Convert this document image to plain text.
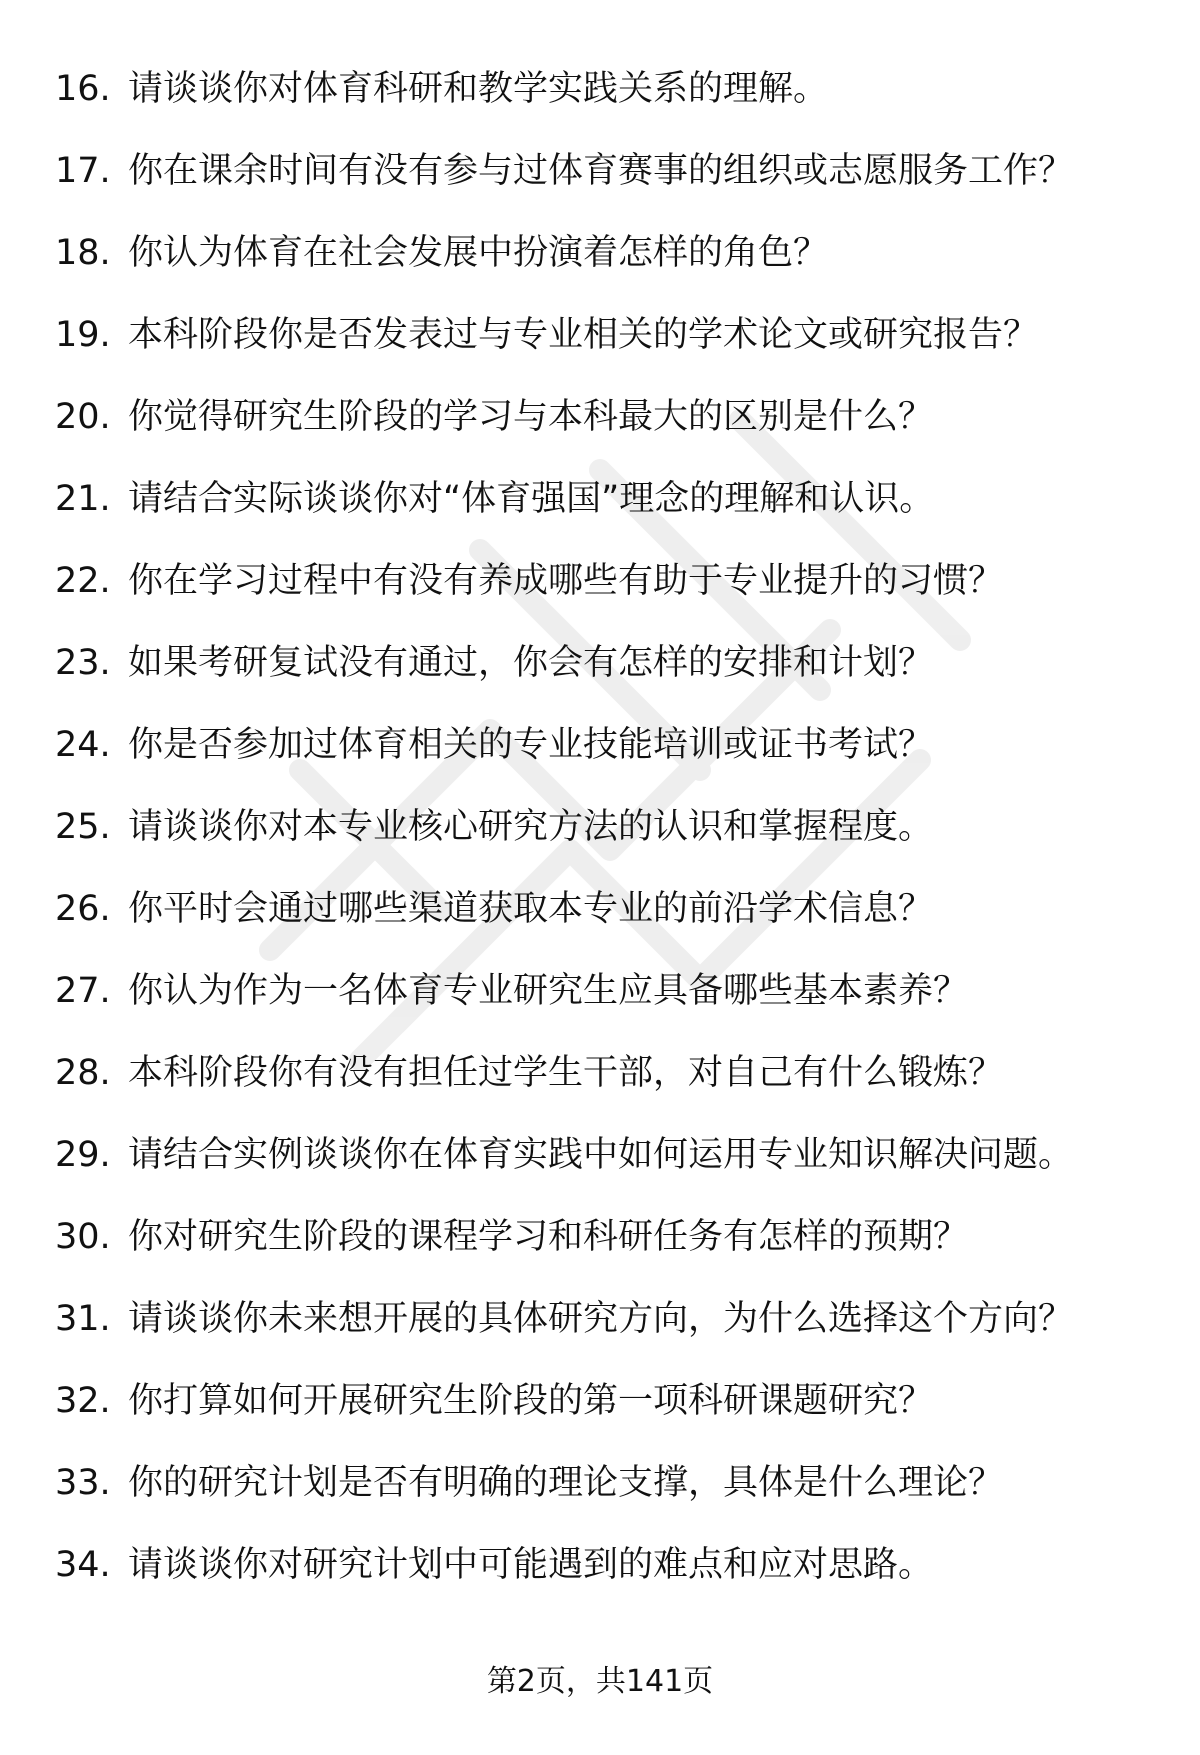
16. 请谈谈你对体育科研和教学实践关系的理解。
17. 你在课余时间有没有参与过体育赛事的组织或志愿服务工作？
18. 你认为体育在社会发展中扮演着怎样的角色？
19. 本科阶段你是否发表过与专业相关的学术论文或研究报告？
20. 你觉得研究生阶段的学习与本科最大的区别是什么？
21. 请结合实际谈谈你对“体育强国”理念的理解和认识。
22. 你在学习过程中有没有养成哪些有助于专业提升的习惯？
23. 如果考研复试没有通过，你会有怎样的安排和计划？
24. 你是否参加过体育相关的专业技能培训或证书考试？
25. 请谈谈你对本专业核心研究方法的认识和掌握程度。
26. 你平时会通过哪些渠道获取本专业的前沿学术信息？
27. 你认为作为一名体育专业研究生应具备哪些基本素养？
28. 本科阶段你有没有担任过学生干部，对自己有什么锻炼？
29. 请结合实例谈谈你在体育实践中如何运用专业知识解决问题。
30. 你对研究生阶段的课程学习和科研任务有怎样的预期？
31. 请谈谈你未来想开展的具体研究方向，为什么选择这个方向？
32. 你打算如何开展研究生阶段的第一项科研课题研究？
33. 你的研究计划是否有明确的理论支撑，具体是什么理论？
34. 请谈谈你对研究计划中可能遇到的难点和应对思路。
第2页，共141页
